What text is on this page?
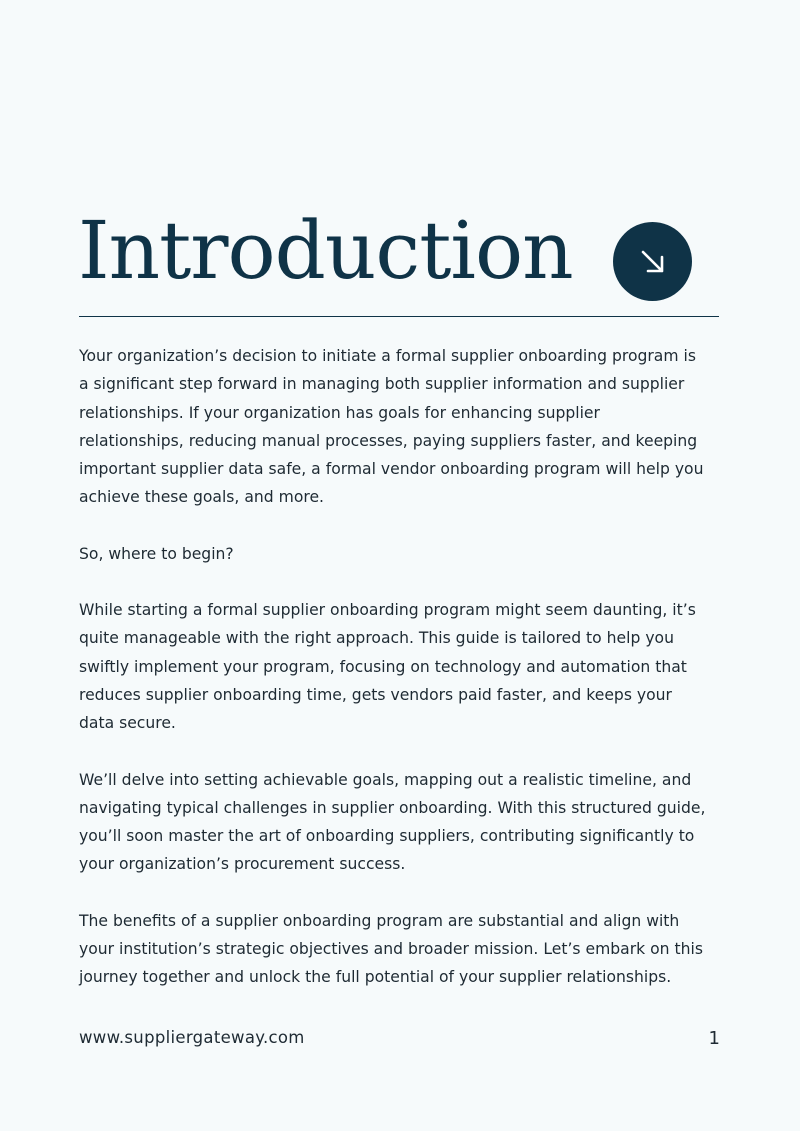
Introduction

Your organization’s decision to initiate a formal supplier onboarding program is
a significant step forward in managing both supplier information and supplier
relationships. If your organization has goals for enhancing supplier
relationships, reducing manual processes, paying suppliers faster, and keeping
important supplier data safe, a formal vendor onboarding program will help you
achieve these goals, and more.

So, where to begin?

While starting a formal supplier onboarding program might seem daunting, it’s
quite manageable with the right approach. This guide is tailored to help you
swiftly implement your program, focusing on technology and automation that
reduces supplier onboarding time, gets vendors paid faster, and keeps your
data secure.

We’ll delve into setting achievable goals, mapping out a realistic timeline, and
navigating typical challenges in supplier onboarding. With this structured guide,
you’ll soon master the art of onboarding suppliers, contributing significantly to
your organization’s procurement success.

The benefits of a supplier onboarding program are substantial and align with
your institution’s strategic objectives and broader mission. Let’s embark on this
journey together and unlock the full potential of your supplier relationships.

www.suppliergateway.com	1
